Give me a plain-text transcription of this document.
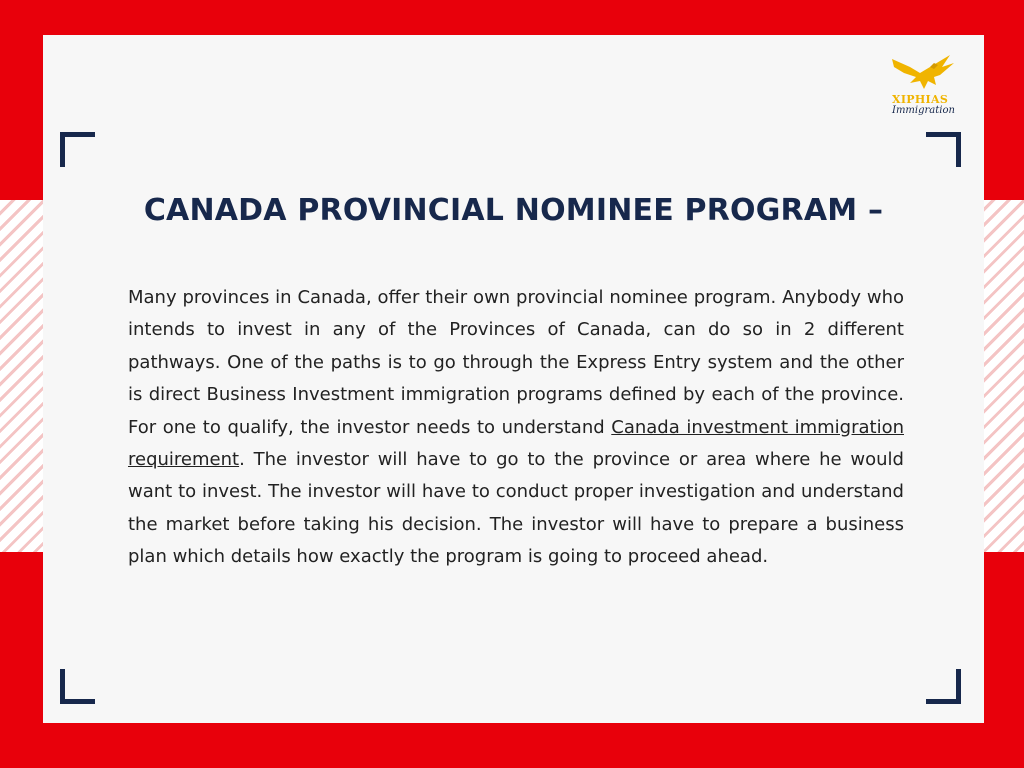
XIPHIAS
Immigration
CANADA PROVINCIAL NOMINEE PROGRAM –

Many provinces in Canada, offer their own provincial nominee program. Anybody who intends to invest in any of the Provinces of Canada, can do so in 2 different pathways. One of the paths is to go through the Express Entry system and the other is direct Business Investment immigration programs defined by each of the province. For one to qualify, the investor needs to understand Canada investment immigration requirement. The investor will have to go to the province or area where he would want to invest. The investor will have to conduct proper investigation and understand the market before taking his decision. The investor will have to prepare a business plan which details how exactly the program is going to proceed ahead.
